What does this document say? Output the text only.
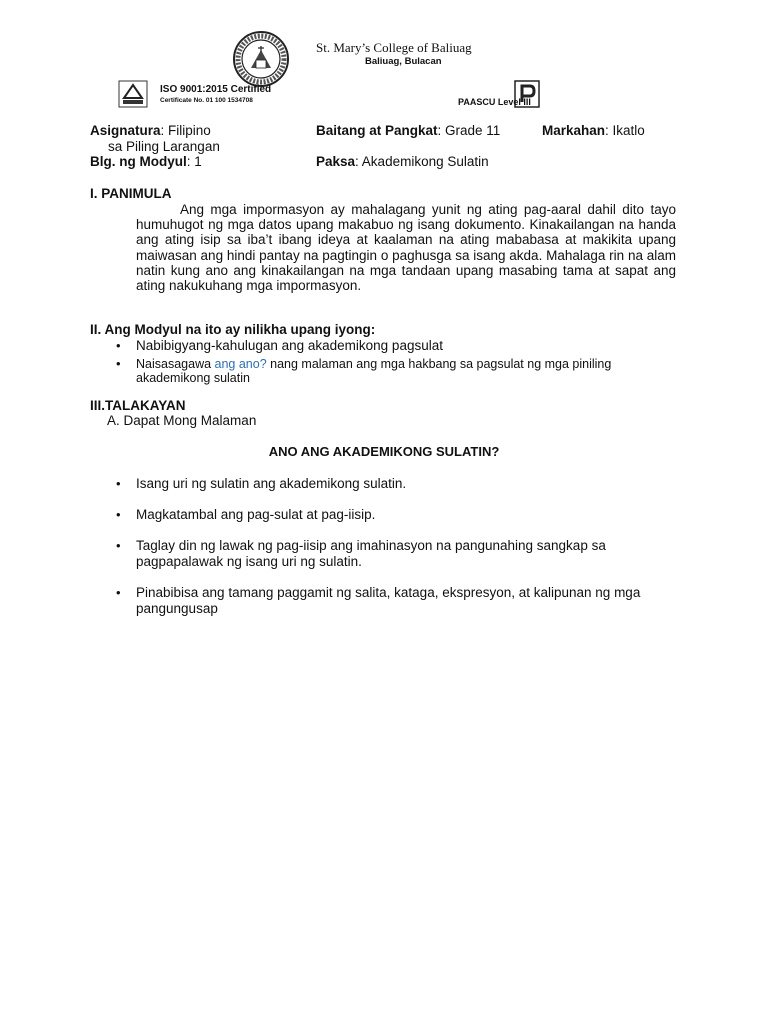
St. Mary’s College of Baliuag
Baliuag, Bulacan
ISO 9001:2015 Certified
Certificate No. 01 100 1534708	PAASCU Level III
Asignatura: Filipino
sa Piling Larangan
Baitang at Pangkat: Grade 11	Markahan: Ikatlo
Blg. ng Modyul: 1	Paksa: Akademikong Sulatin
I. PANIMULA
Ang mga impormasyon ay mahalagang yunit ng ating pag-aaral dahil dito tayo humuhugot ng mga datos upang makabuo ng isang dokumento. Kinakailangan na handa ang ating isip sa iba’t ibang ideya at kaalaman na ating mababasa at makikita upang maiwasan ang hindi pantay na pagtingin o paghusga sa isang akda. Mahalaga rin na alam natin kung ano ang kinakailangan na mga tandaan upang masabing tama at sapat ang ating nakukuhang mga impormasyon.
II. Ang Modyul na ito ay nilikha upang iyong:
• Nabibigyang-kahulugan ang akademikong pagsulat
• Naisasagawa ang ano? nang malaman ang mga hakbang sa pagsulat ng mga piniling akademikong sulatin
III.TALAKAYAN
A. Dapat Mong Malaman
ANO ANG AKADEMIKONG SULATIN?
• Isang uri ng sulatin ang akademikong sulatin.
• Magkatambal ang pag-sulat at pag-iisip.
• Taglay din ng lawak ng pag-iisip ang imahinasyon na pangunahing sangkap sa pagpapalawak ng isang uri ng sulatin.
• Pinabibisa ang tamang paggamit ng salita, kataga, ekspresyon, at kalipunan ng mga pangungusap
